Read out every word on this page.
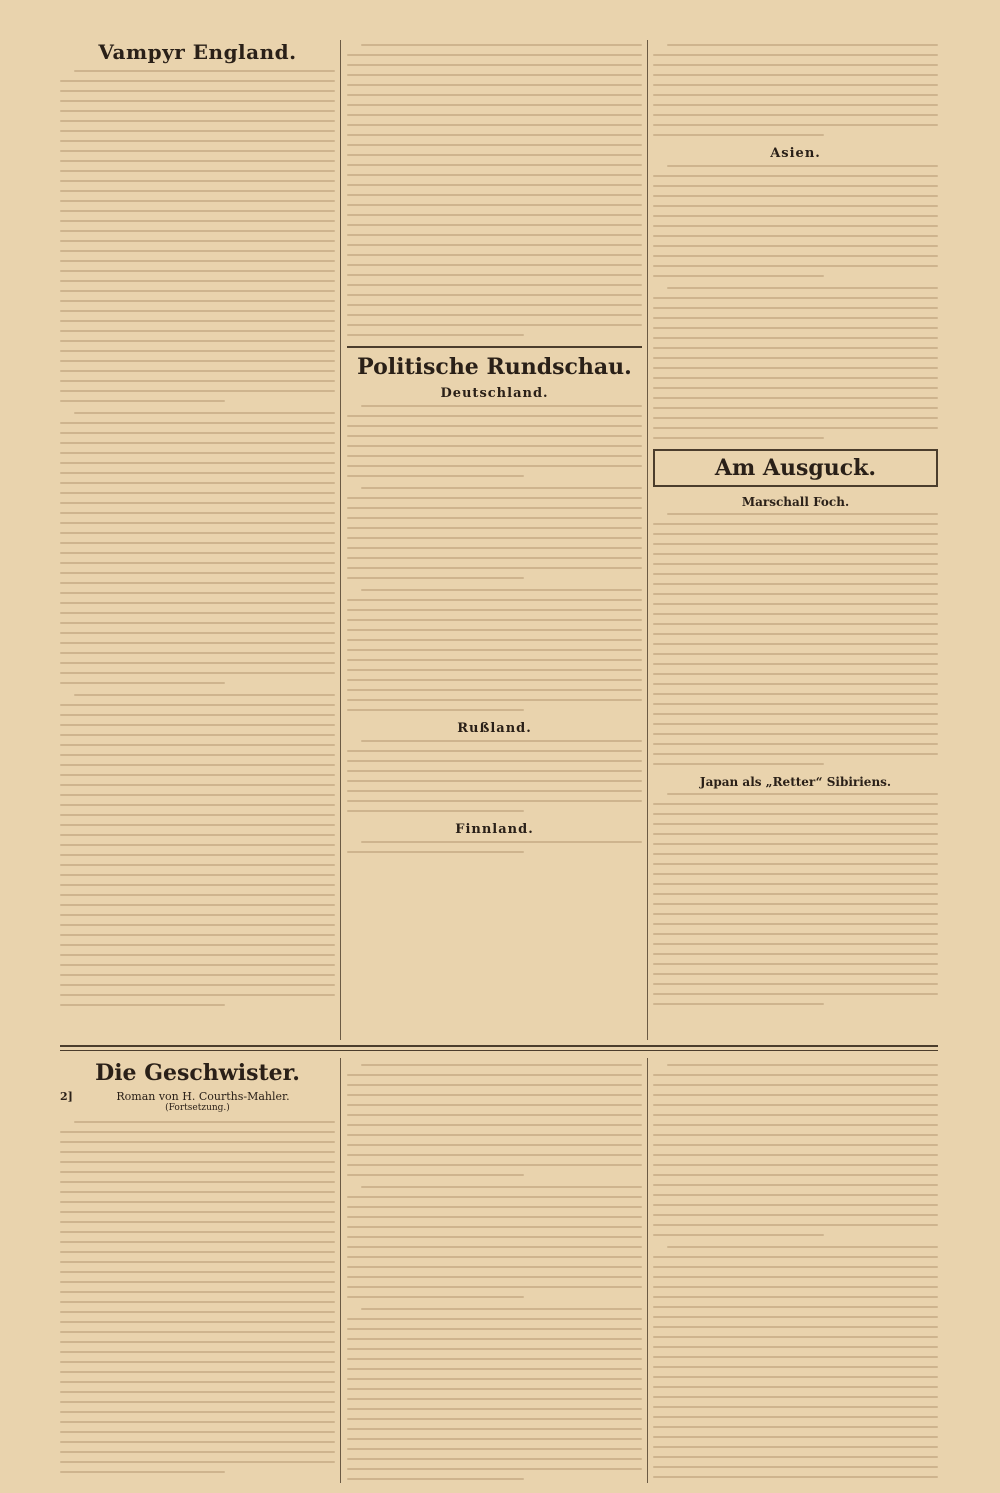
Vampyr England.
Politische Rundschau.
Deutschland.
Rußland.
Finnland.
Asien.
Am Ausguck.
Marschall Foch.
Japan als „Retter“ Sibiriens.
Die Geschwister.
2]	Roman von H. Courths-Mahler.
(Fortsetzung.)
